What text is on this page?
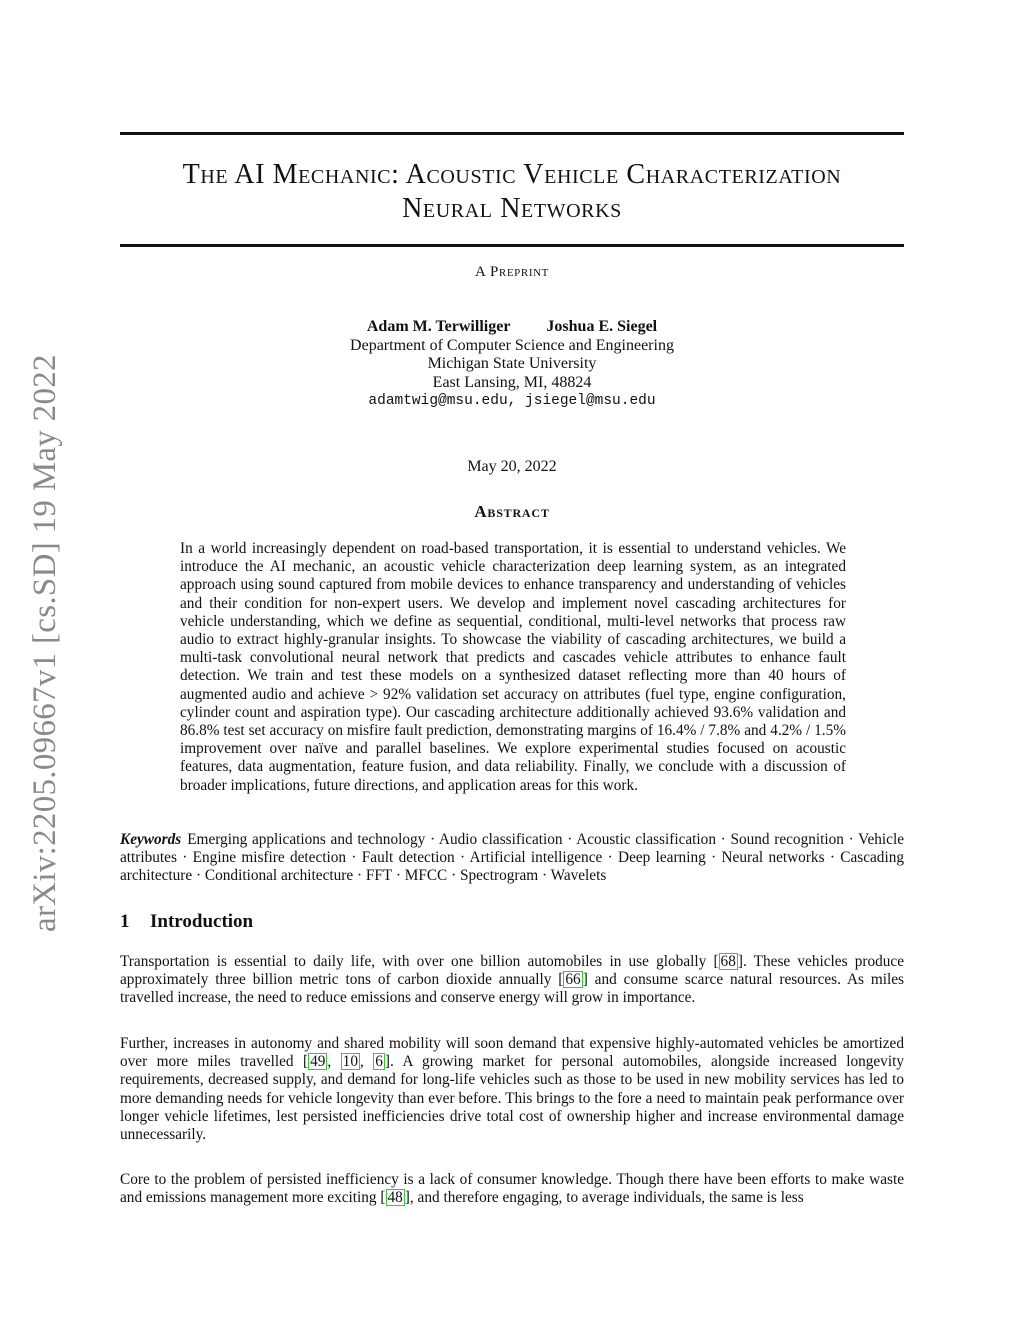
arXiv:2205.09667v1 [cs.SD] 19 May 2022
The AI Mechanic: Acoustic Vehicle Characterization
Neural Networks
A Preprint
Adam M. Terwilliger Joshua E. Siegel
Department of Computer Science and Engineering
Michigan State University
East Lansing, MI, 48824
adamtwig@msu.edu, jsiegel@msu.edu
May 20, 2022
Abstract
In a world increasingly dependent on road-based transportation, it is essential to understand vehicles. We introduce the AI mechanic, an acoustic vehicle characterization deep learning system, as an integrated approach using sound captured from mobile devices to enhance transparency and understanding of vehicles and their condition for non-expert users. We develop and implement novel cascading architectures for vehicle understanding, which we define as sequential, conditional, multi-level networks that process raw audio to extract highly-granular insights. To showcase the viability of cascading architectures, we build a multi-task convolutional neural network that predicts and cascades vehicle attributes to enhance fault detection. We train and test these models on a synthesized dataset reflecting more than 40 hours of augmented audio and achieve > 92% validation set accuracy on attributes (fuel type, engine configuration, cylinder count and aspiration type). Our cascading architecture additionally achieved 93.6% validation and 86.8% test set accuracy on misfire fault prediction, demonstrating margins of 16.4% / 7.8% and 4.2% / 1.5% improvement over naïve and parallel baselines. We explore experimental studies focused on acoustic features, data augmentation, feature fusion, and data reliability. Finally, we conclude with a discussion of broader implications, future directions, and application areas for this work.
Keywords Emerging applications and technology · Audio classification · Acoustic classification · Sound recognition · Vehicle attributes · Engine misfire detection · Fault detection · Artificial intelligence · Deep learning · Neural networks · Cascading architecture · Conditional architecture · FFT · MFCC · Spectrogram · Wavelets
1 Introduction
Transportation is essential to daily life, with over one billion automobiles in use globally [ 68 ]. These vehicles produce approximately three billion metric tons of carbon dioxide annually [ 66 ] and consume scarce natural resources. As miles travelled increase, the need to reduce emissions and conserve energy will grow in importance.
Further, increases in autonomy and shared mobility will soon demand that expensive highly-automated vehicles be amortized over more miles travelled [ 49 , 10 , 6 ]. A growing market for personal automobiles, alongside increased longevity requirements, decreased supply, and demand for long-life vehicles such as those to be used in new mobility services has led to more demanding needs for vehicle longevity than ever before. This brings to the fore a need to maintain peak performance over longer vehicle lifetimes, lest persisted inefficiencies drive total cost of ownership higher and increase environmental damage unnecessarily.
Core to the problem of persisted inefficiency is a lack of consumer knowledge. Though there have been efforts to make waste and emissions management more exciting [ 48 ], and therefore engaging, to average individuals, the same is less
